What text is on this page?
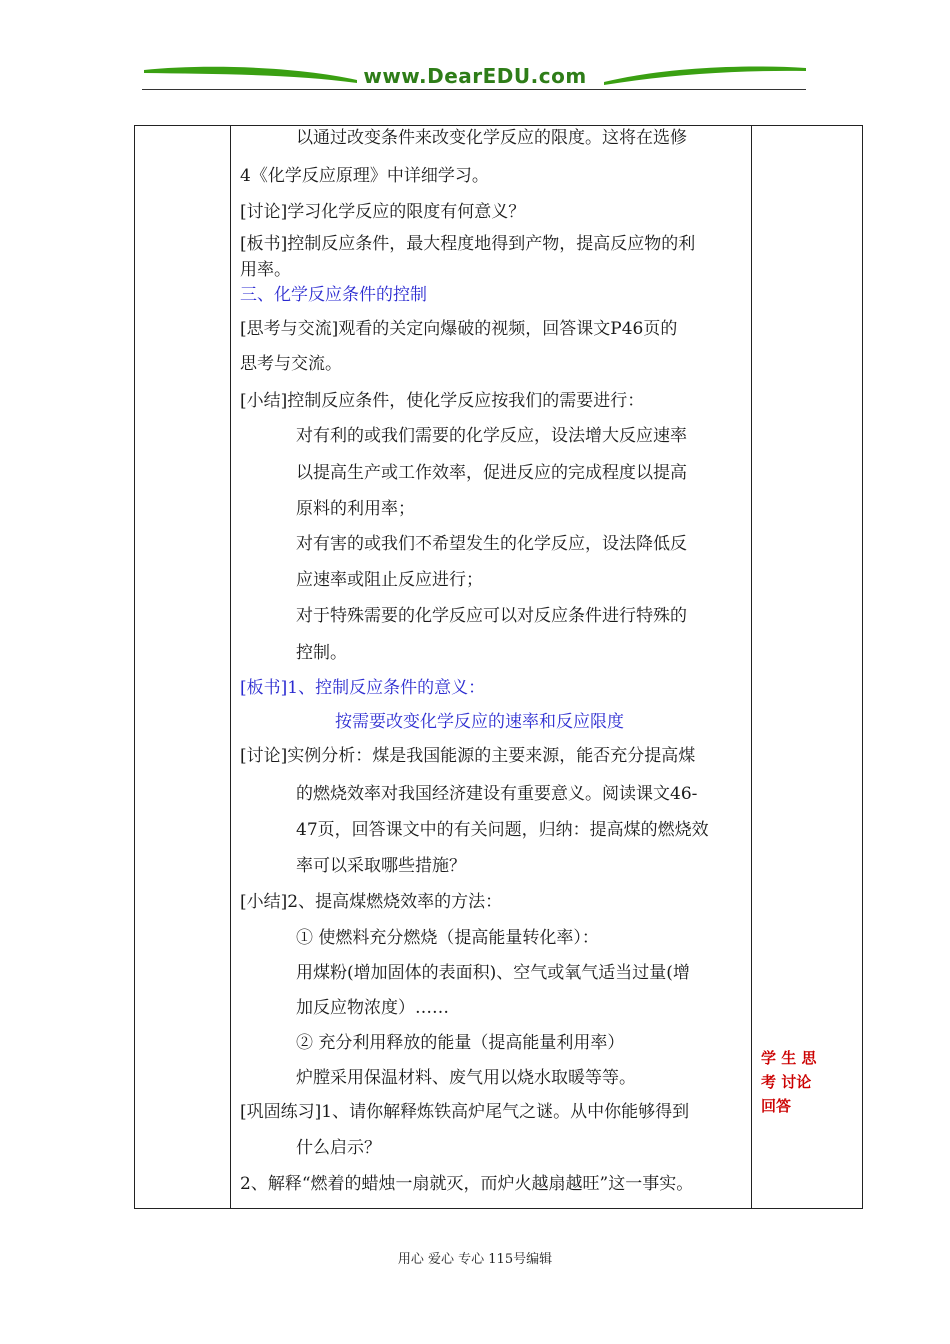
www.DearEDU.com
以通过改变条件来改变化学反应的限度。这将在选修
4《化学反应原理》中详细学习。
[讨论]学习化学反应的限度有何意义？
[板书]控制反应条件，最大程度地得到产物，提高反应物的利
用率。
三、化学反应条件的控制
[思考与交流]观看的关定向爆破的视频，回答课文P46页的
思考与交流。
[小结]控制反应条件，使化学反应按我们的需要进行：
对有利的或我们需要的化学反应，设法增大反应速率
以提高生产或工作效率，促进反应的完成程度以提高
原料的利用率；
对有害的或我们不希望发生的化学反应，设法降低反
应速率或阻止反应进行；
对于特殊需要的化学反应可以对反应条件进行特殊的
控制。
[板书]1、控制反应条件的意义：
按需要改变化学反应的速率和反应限度
[讨论]实例分析：煤是我国能源的主要来源，能否充分提高煤
的燃烧效率对我国经济建设有重要意义。阅读课文46-
47页，回答课文中的有关问题，归纳：提高煤的燃烧效
率可以采取哪些措施？
[小结]2、提高煤燃烧效率的方法：
① 使燃料充分燃烧（提高能量转化率）：
用煤粉(增加固体的表面积)、空气或氧气适当过量(增
加反应物浓度）……
② 充分利用释放的能量（提高能量利用率）
炉膛采用保温材料、废气用以烧水取暖等等。
[巩固练习]1、请你解释炼铁高炉尾气之谜。从中你能够得到
什么启示？
2、解释“燃着的蜡烛一扇就灭，而炉火越扇越旺”这一事实。
学 生 思
考 讨论
回答
用心 爱心 专心 115号编辑
